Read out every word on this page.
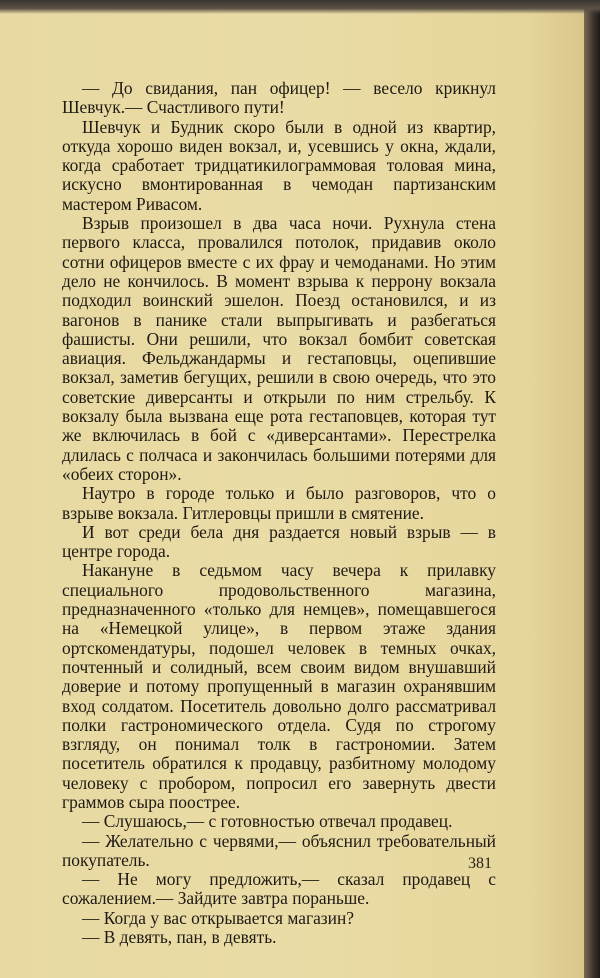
— До свидания, пан офицер! — весело крикнул Шевчук.— Счастливого пути!

Шевчук и Будник скоро были в одной из квартир, откуда хорошо виден вокзал, и, усевшись у окна, ждали, когда сработает тридцатикилограммовая толовая мина, искусно вмонтированная в чемодан партизанским мастером Ривасом.

Взрыв произошел в два часа ночи. Рухнула стена первого класса, провалился потолок, придавив около сотни офицеров вместе с их фрау и чемоданами. Но этим дело не кончилось. В момент взрыва к перрону вокзала подходил воинский эшелон. Поезд остановился, и из вагонов в панике стали выпрыгивать и разбегаться фашисты. Они решили, что вокзал бомбит советская авиация. Фельджандармы и гестаповцы, оцепившие вокзал, заметив бегущих, решили в свою очередь, что это советские диверсанты и открыли по ним стрельбу. К вокзалу была вызвана еще рота гестаповцев, которая тут же включилась в бой с «диверсантами». Перестрелка длилась с полчаса и закончилась большими потерями для «обеих сторон».

Наутро в городе только и было разговоров, что о взрыве вокзала. Гитлеровцы пришли в смятение.

И вот среди бела дня раздается новый взрыв — в центре города.

Накануне в седьмом часу вечера к прилавку специального продовольственного магазина, предназначенного «только для немцев», помещавшегося на «Немецкой улице», в первом этаже здания ортскомендатуры, подошел человек в темных очках, почтенный и солидный, всем своим видом внушавший доверие и потому пропущенный в магазин охранявшим вход солдатом. Посетитель довольно долго рассматривал полки гастрономического отдела. Судя по строгому взгляду, он понимал толк в гастрономии. Затем посетитель обратился к продавцу, разбитному молодому человеку с пробором, попросил его завернуть двести граммов сыра поострее.

— Слушаюсь,— с готовностью отвечал продавец.

— Желательно с червями,— объяснил требовательный покупатель.

— Не могу предложить,— сказал продавец с сожалением.— Зайдите завтра пораньше.

— Когда у вас открывается магазин?

— В девять, пан, в девять.

381
